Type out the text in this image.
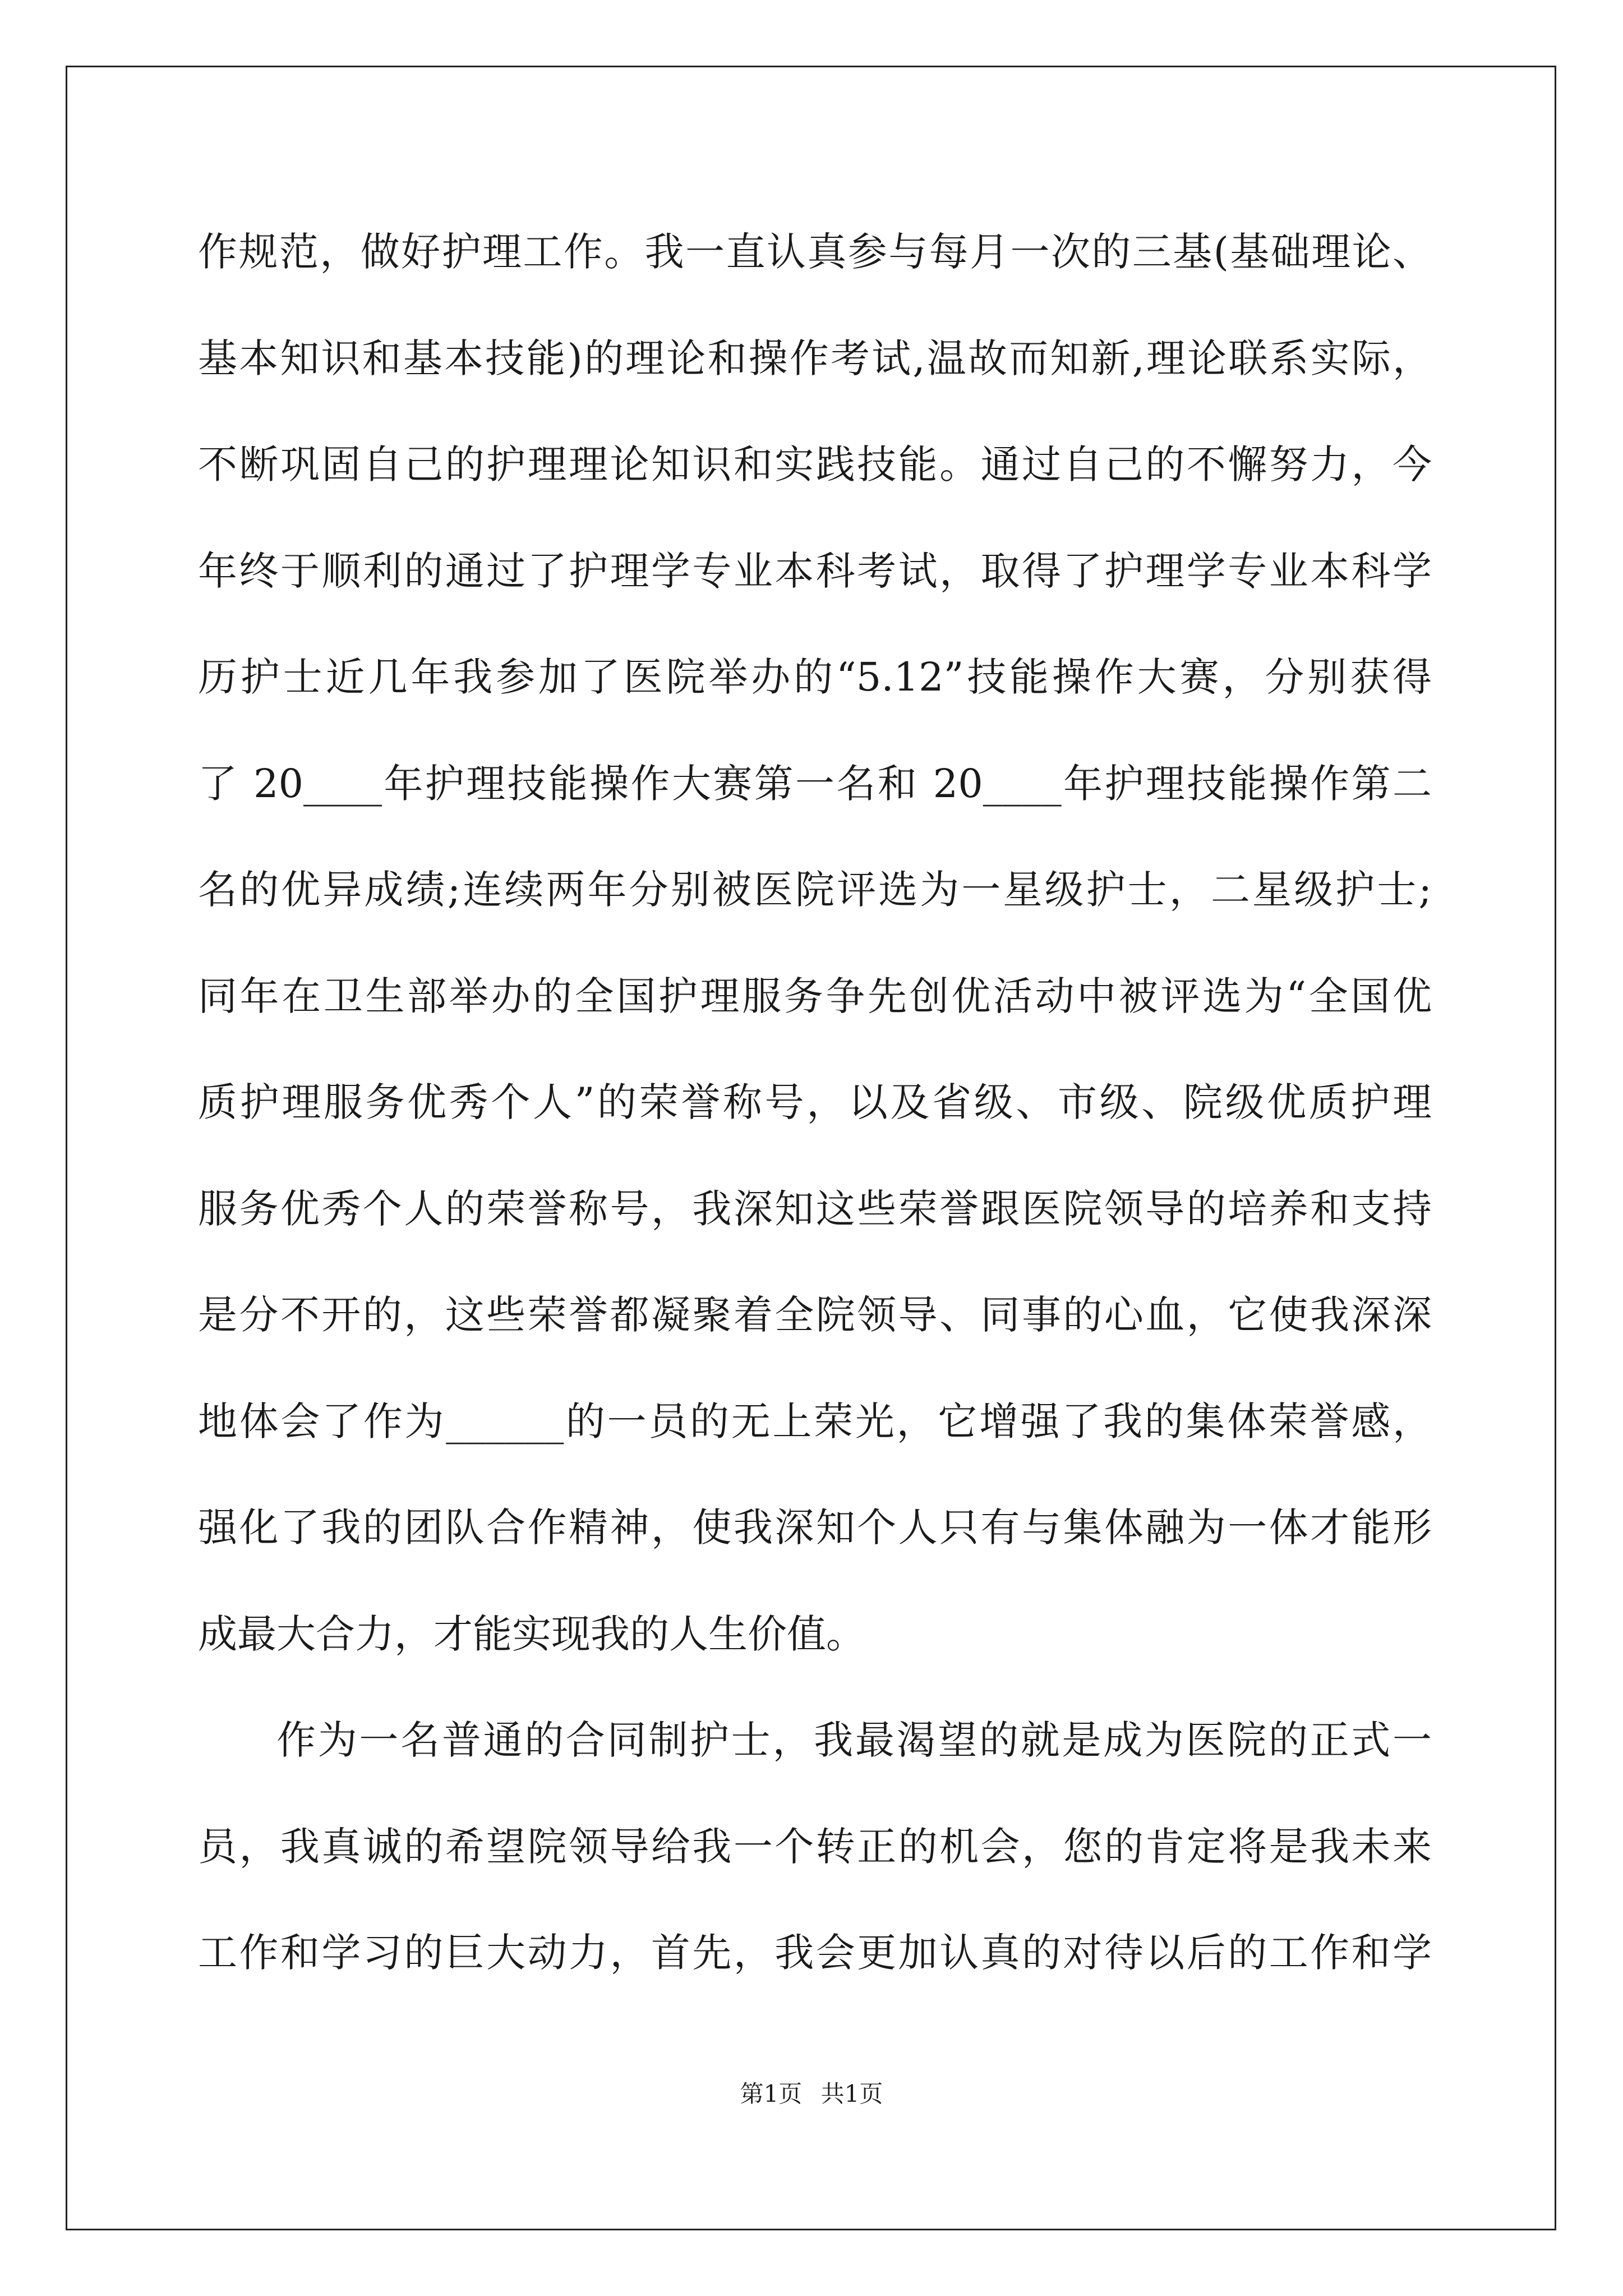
作规范，做好护理工作。我一直认真参与每月一次的三基(基础理论、
基本知识和基本技能)的理论和操作考试,温故而知新,理论联系实际，
不断巩固自己的护理理论知识和实践技能。通过自己的不懈努力，今
年终于顺利的通过了护理学专业本科考试，取得了护理学专业本科学
历护士近几年我参加了医院举办的“5.12”技能操作大赛，分别获得
了 20____年护理技能操作大赛第一名和 20____年护理技能操作第二
名的优异成绩;连续两年分别被医院评选为一星级护士，二星级护士;
同年在卫生部举办的全国护理服务争先创优活动中被评选为“全国优
质护理服务优秀个人”的荣誉称号，以及省级、市级、院级优质护理
服务优秀个人的荣誉称号，我深知这些荣誉跟医院领导的培养和支持
是分不开的，这些荣誉都凝聚着全院领导、同事的心血，它使我深深
地体会了作为______的一员的无上荣光，它增强了我的集体荣誉感，
强化了我的团队合作精神，使我深知个人只有与集体融为一体才能形
成最大合力，才能实现我的人生价值。
作为一名普通的合同制护士，我最渴望的就是成为医院的正式一
员，我真诚的希望院领导给我一个转正的机会，您的肯定将是我未来
工作和学习的巨大动力，首先，我会更加认真的对待以后的工作和学
第1页 共1页
